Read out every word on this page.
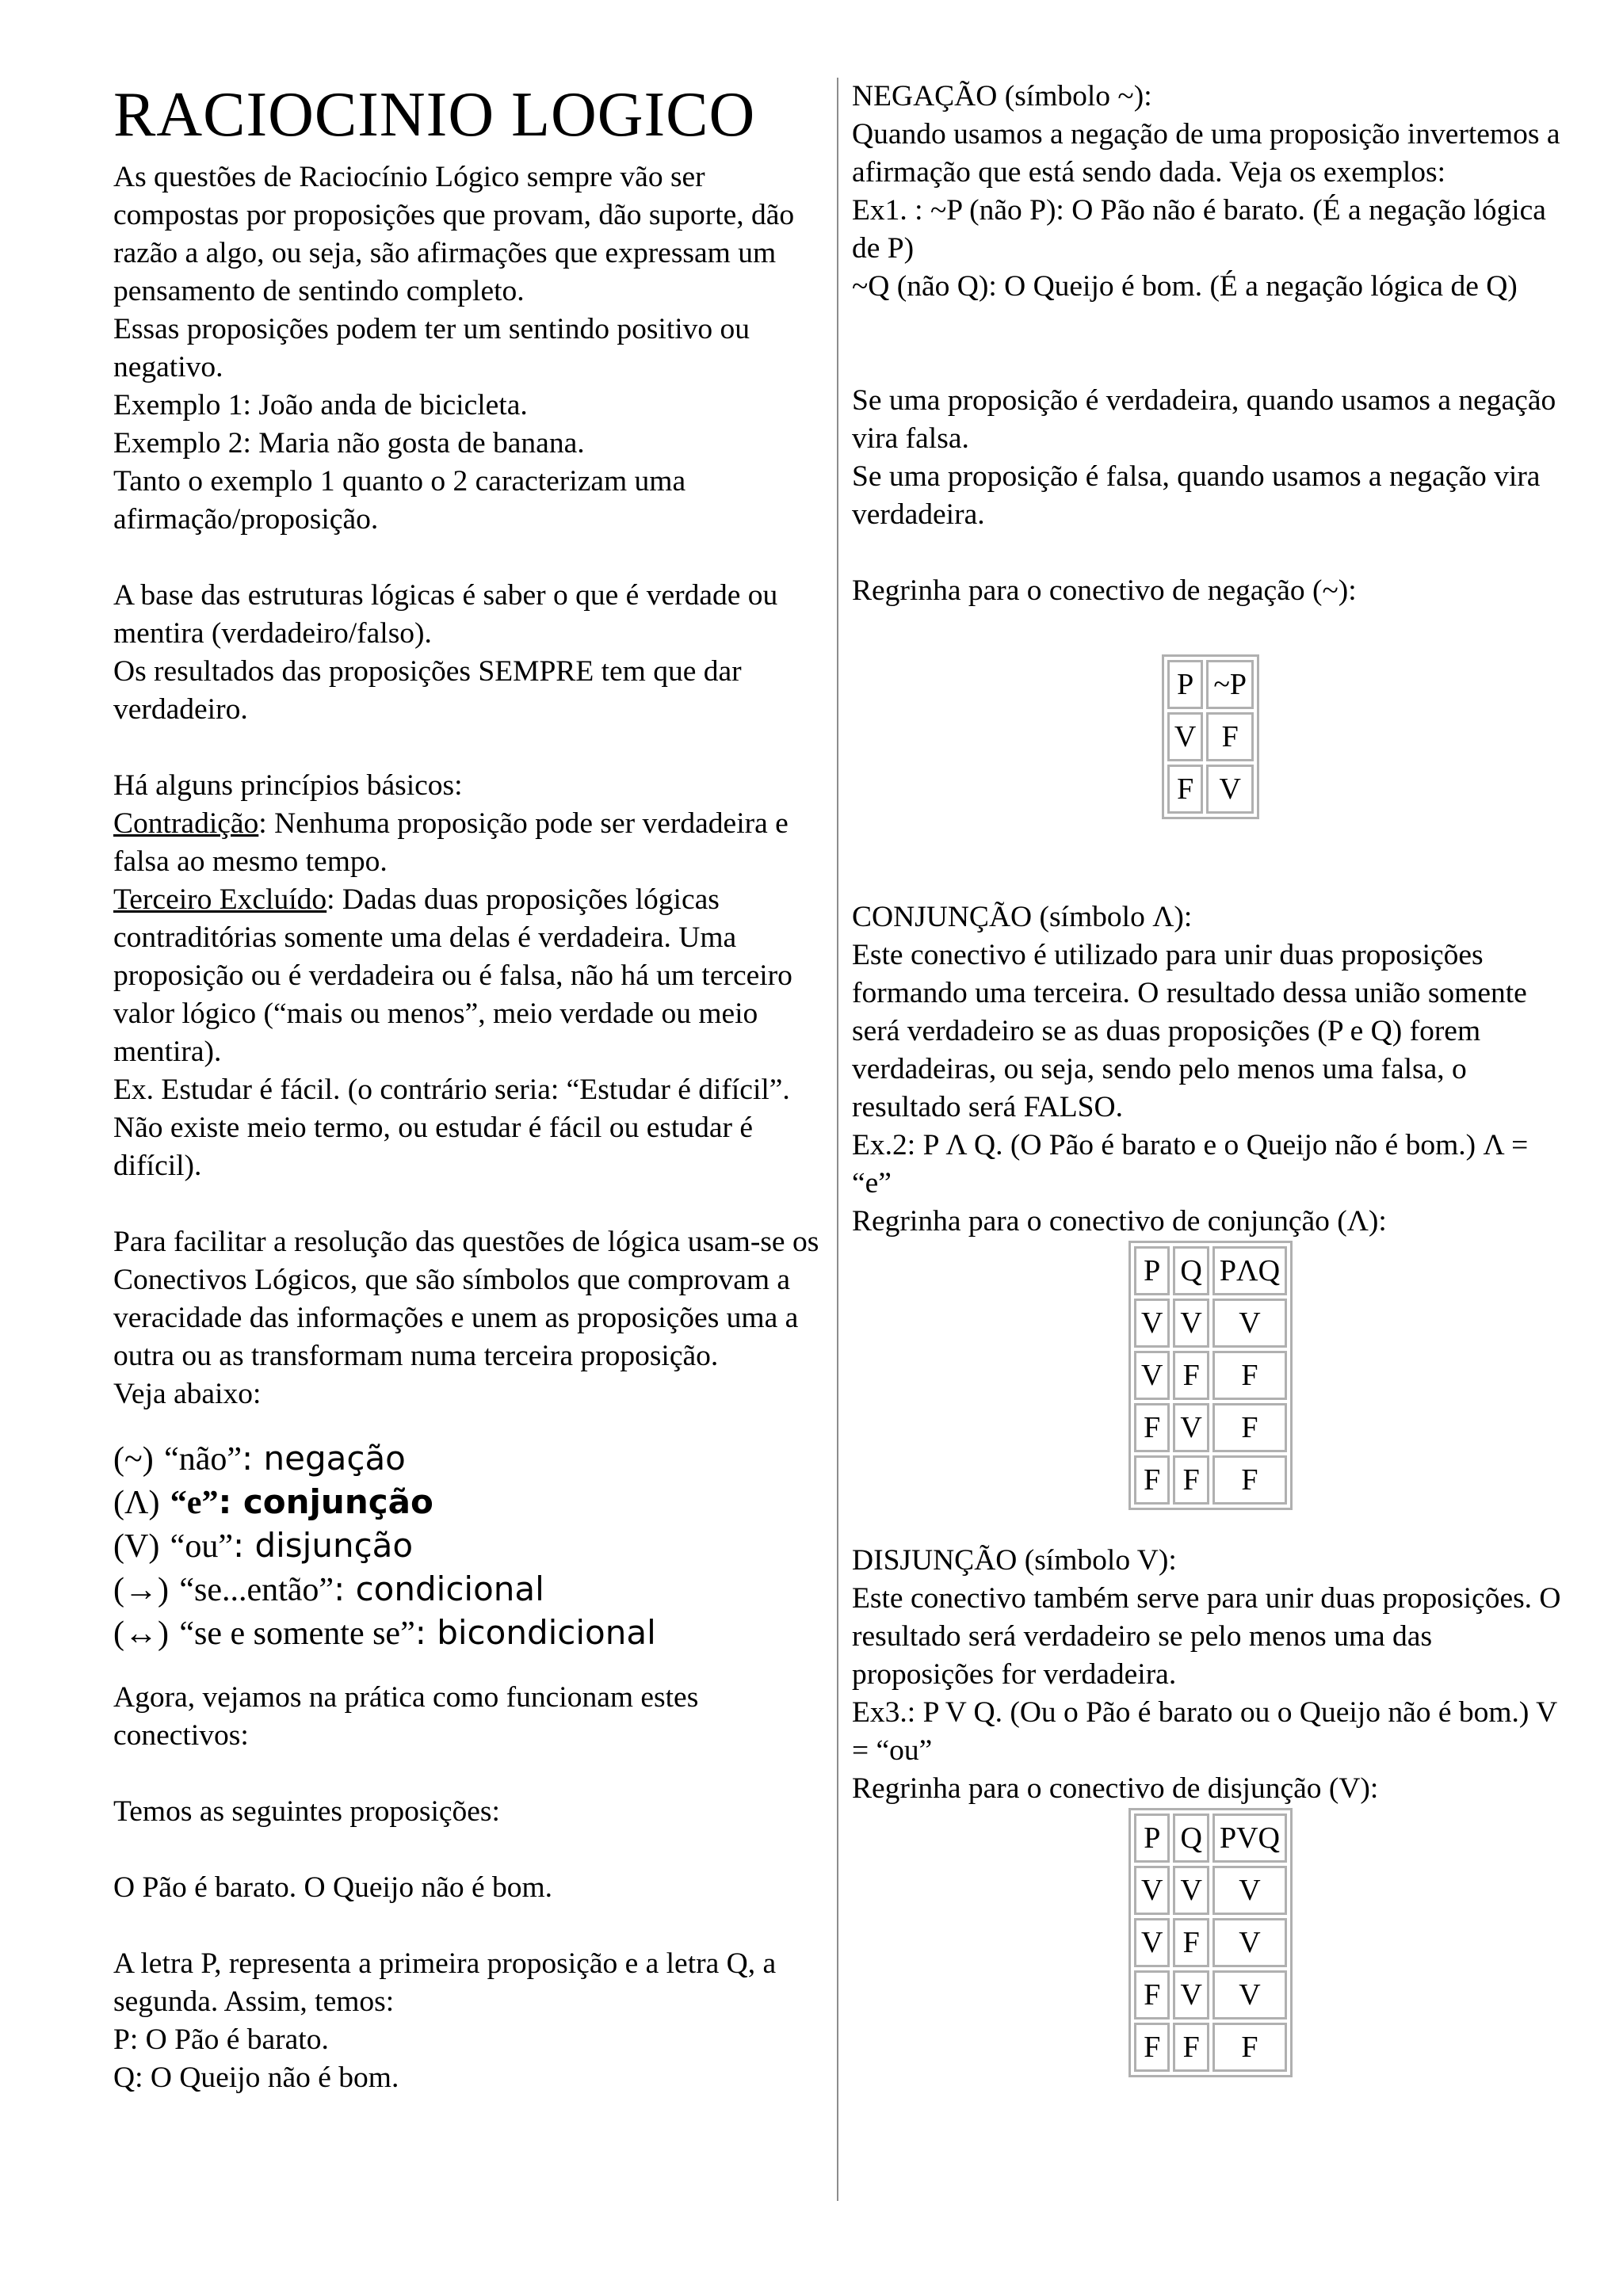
RACIOCINIO LOGICO

As questões de Raciocínio Lógico sempre vão ser compostas por proposições que provam, dão suporte, dão razão a algo, ou seja, são afirmações que expressam um pensamento de sentindo completo.

Essas proposições podem ter um sentindo positivo ou negativo.

Exemplo 1: João anda de bicicleta.

Exemplo 2: Maria não gosta de banana.

Tanto o exemplo 1 quanto o 2 caracterizam uma afirmação/proposição.

A base das estruturas lógicas é saber o que é verdade ou mentira (verdadeiro/falso).

Os resultados das proposições SEMPRE tem que dar verdadeiro.

Há alguns princípios básicos:

Contradição: Nenhuma proposição pode ser verdadeira e falsa ao mesmo tempo.

Terceiro Excluído: Dadas duas proposições lógicas contraditórias somente uma delas é verdadeira. Uma proposição ou é verdadeira ou é falsa, não há um terceiro valor lógico (“mais ou menos”, meio verdade ou meio mentira).

Ex. Estudar é fácil. (o contrário seria: “Estudar é difícil”. Não existe meio termo, ou estudar é fácil ou estudar é difícil).

Para facilitar a resolução das questões de lógica usam-se os Conectivos Lógicos, que são símbolos que comprovam a veracidade das informações e unem as proposições uma a outra ou as transformam numa terceira proposição.

Veja abaixo:

(~) “não”: negação
(Λ) “e”: conjunção
(V) “ou”: disjunção
(→) “se...então”: condicional
(↔) “se e somente se”: bicondicional

Agora, vejamos na prática como funcionam estes conectivos:

Temos as seguintes proposições:

O Pão é barato. O Queijo não é bom.

A letra P, representa a primeira proposição e a letra Q, a segunda. Assim, temos:

P: O Pão é barato.

Q: O Queijo não é bom.

NEGAÇÃO (símbolo ~):

Quando usamos a negação de uma proposição invertemos a afirmação que está sendo dada. Veja os exemplos:

Ex1. : ~P (não P): O Pão não é barato. (É a negação lógica de P)

~Q (não Q): O Queijo é bom. (É a negação lógica de Q)

Se uma proposição é verdadeira, quando usamos a negação vira falsa.

Se uma proposição é falsa, quando usamos a negação vira verdadeira.

Regrinha para o conectivo de negação (~):

P	~P
V	F
F	V

CONJUNÇÃO (símbolo Λ):

Este conectivo é utilizado para unir duas proposições formando uma terceira. O resultado dessa união somente será verdadeiro se as duas proposições (P e Q) forem verdadeiras, ou seja, sendo pelo menos uma falsa, o resultado será FALSO.

Ex.2: P Λ Q. (O Pão é barato e o Queijo não é bom.) Λ = “e”

Regrinha para o conectivo de conjunção (Λ):

P	Q	PΛQ
V	V	V
V	F	F
F	V	F
F	F	F

DISJUNÇÃO (símbolo V):

Este conectivo também serve para unir duas proposições. O resultado será verdadeiro se pelo menos uma das proposições for verdadeira.

Ex3.: P V Q. (Ou o Pão é barato ou o Queijo não é bom.) V = “ou”

Regrinha para o conectivo de disjunção (V):

P	Q	PVQ
V	V	V
V	F	V
F	V	V
F	F	F
